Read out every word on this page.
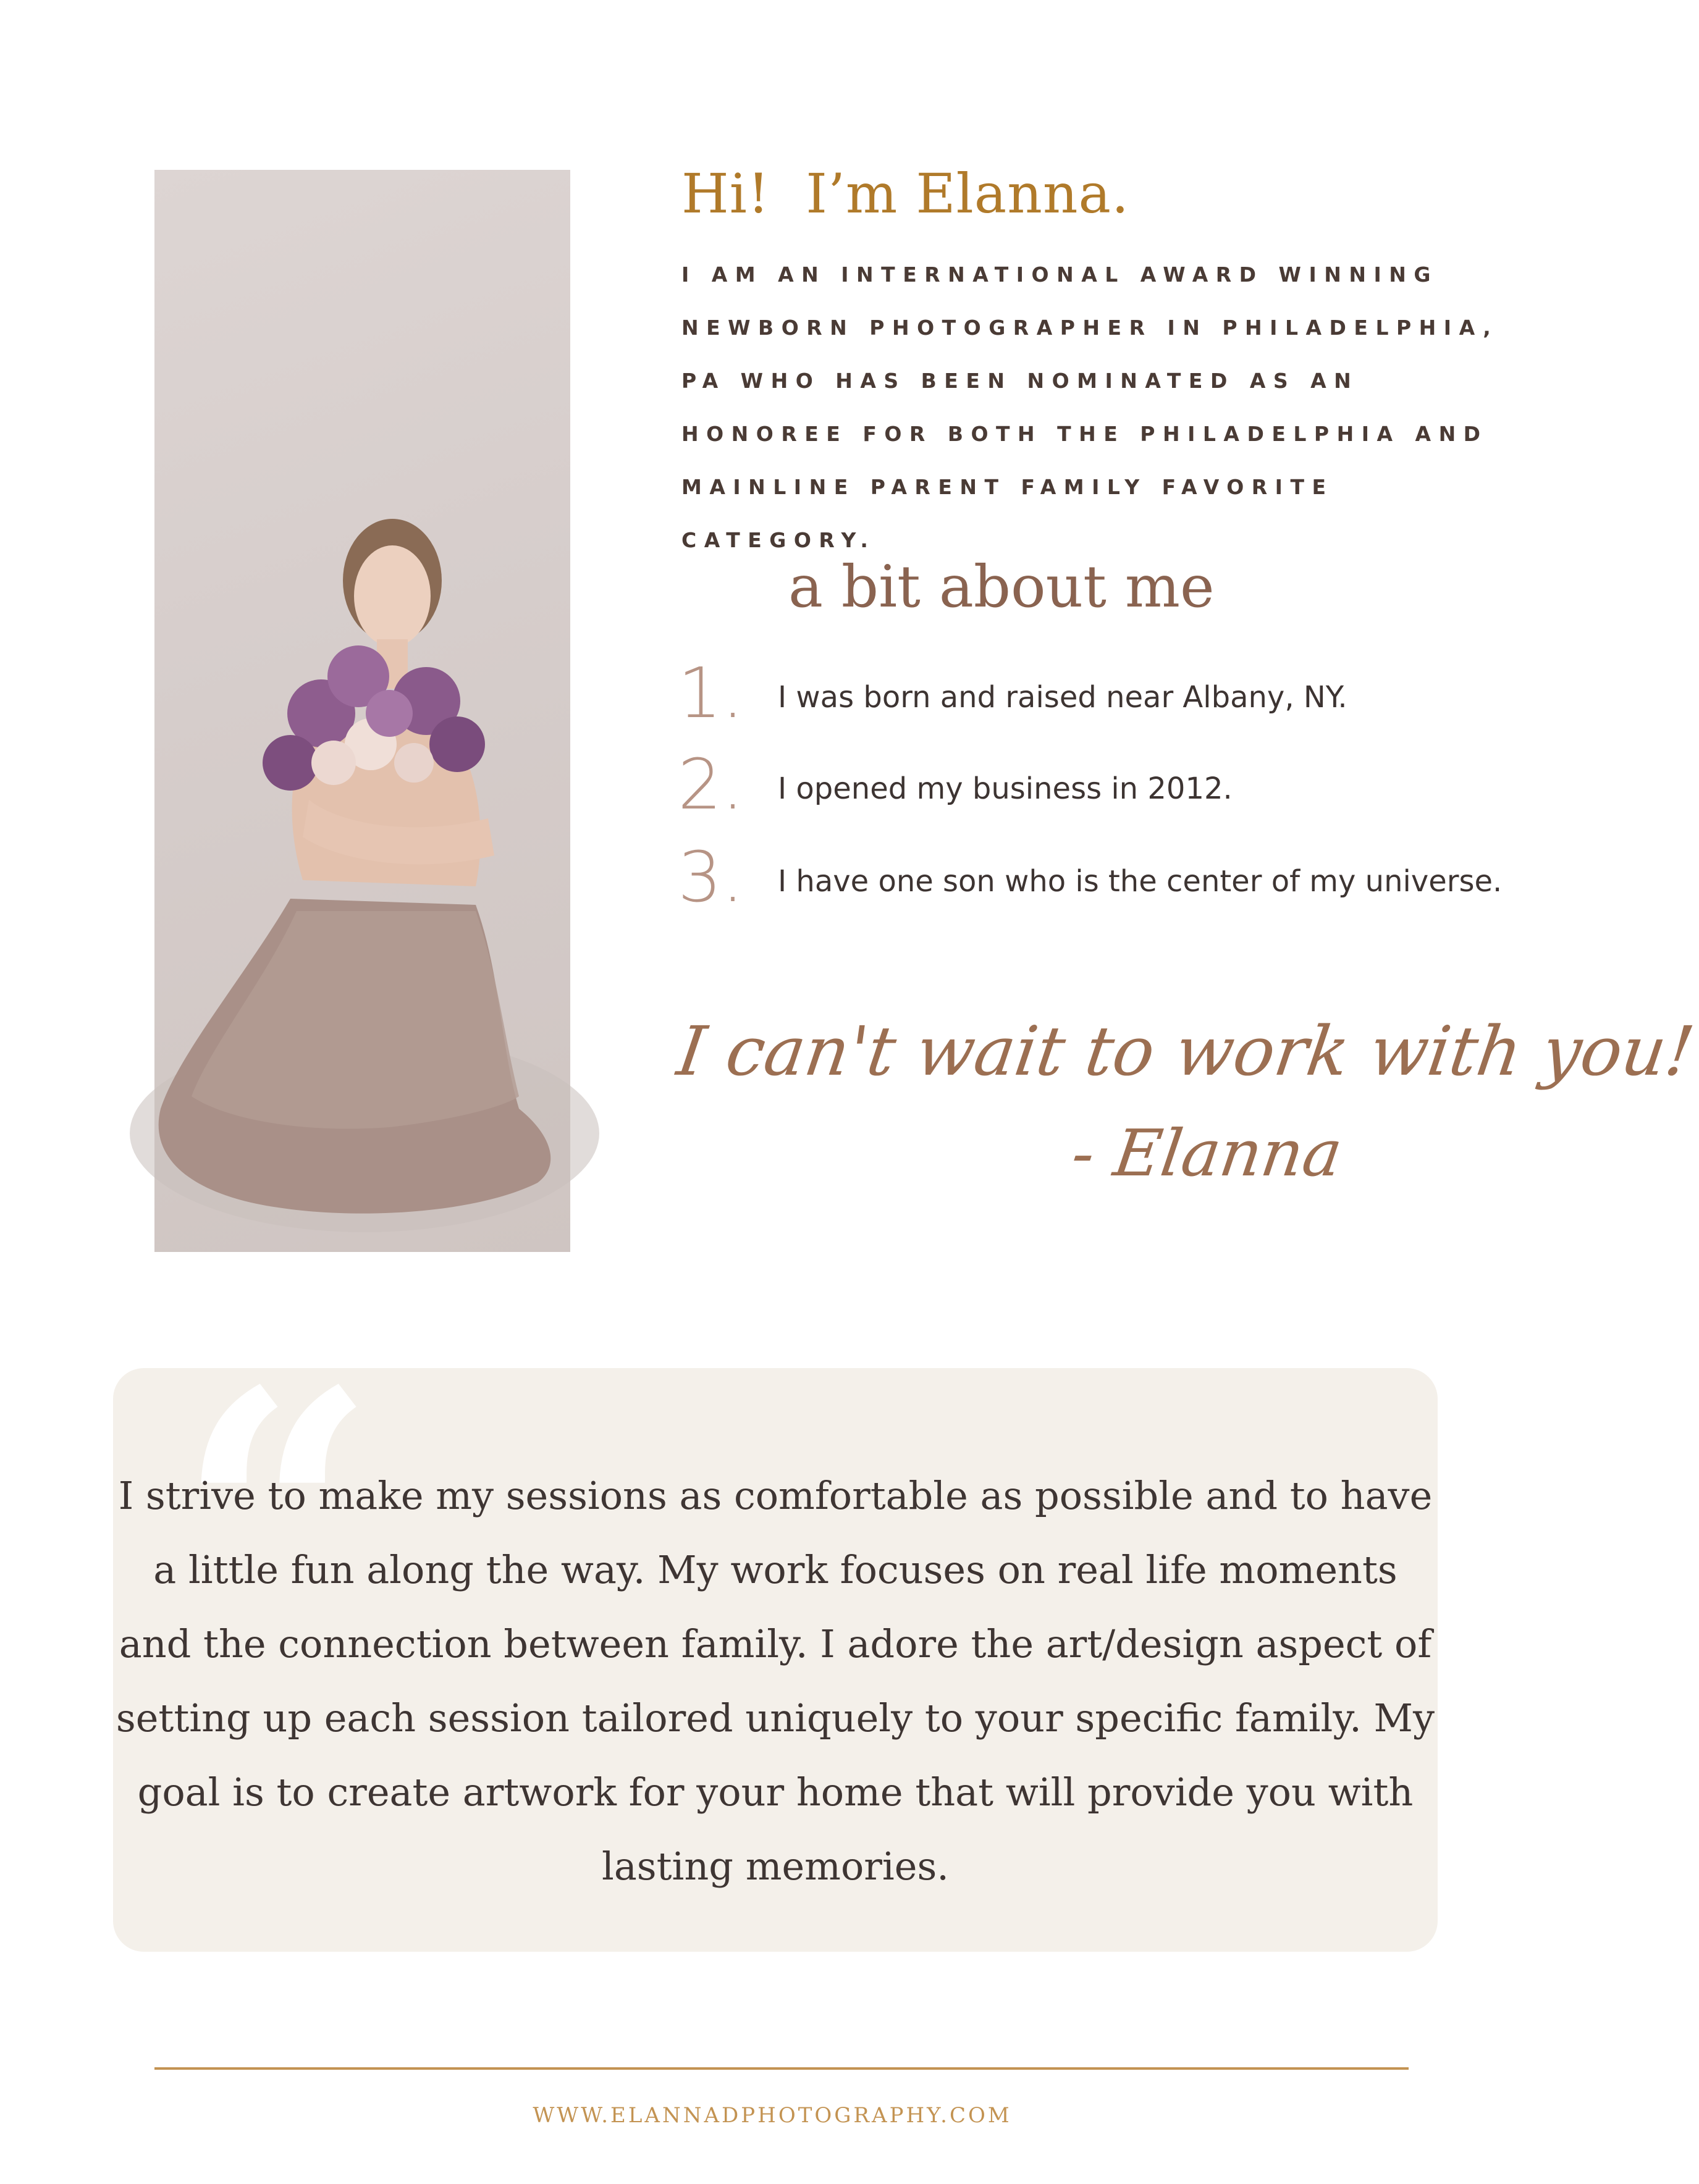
Hi!  I’m Elanna.

I AM AN INTERNATIONAL AWARD WINNING NEWBORN PHOTOGRAPHER IN PHILADELPHIA, PA WHO HAS BEEN NOMINATED AS AN HONOREE FOR BOTH THE PHILADELPHIA AND MAINLINE PARENT FAMILY FAVORITE CATEGORY.

a bit about me
1. I was born and raised near Albany, NY.
2. I opened my business in 2012.
3. I have one son who is the center of my universe.

I can't wait to work with you!

- Elanna

“

I strive to make my sessions as comfortable as possible and to have a little fun along the way. My work focuses on real life moments and the connection between family. I adore the art/design aspect of setting up each session tailored uniquely to your specific family. My goal is to create artwork for your home that will provide you with lasting memories.

WWW.ELANNADPHOTOGRAPHY.COM
